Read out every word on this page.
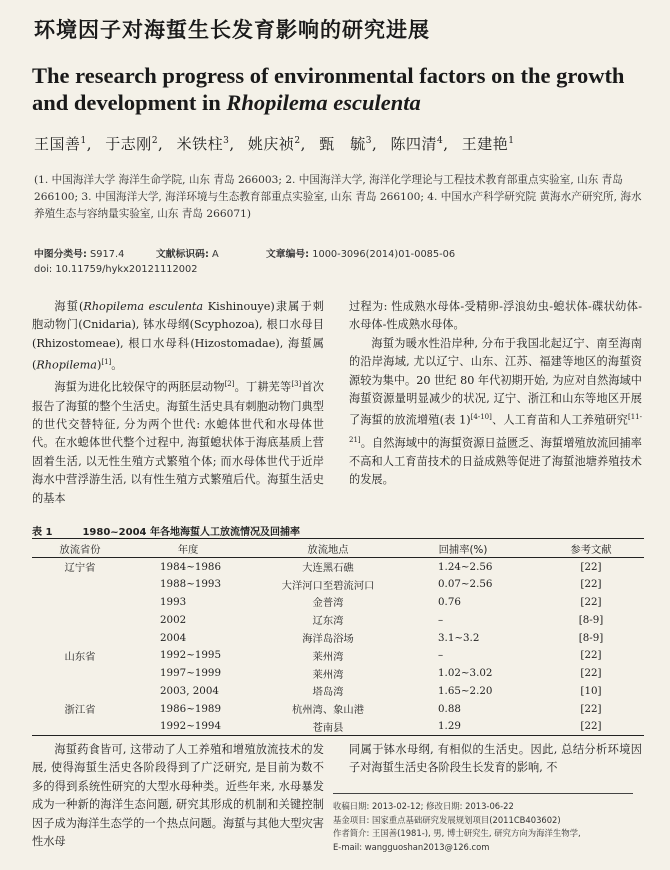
环境因子对海蜇生长发育影响的研究进展
The research progress of environmental factors on the growth and development in Rhopilema esculenta
王国善$^1$, 于志刚$^2$, 米铁柱$^3$, 姚庆祯$^2$, 甄　毓$^3$, 陈四清$^4$, 王建艳$^1$
(1. 中国海洋大学 海洋生命学院, 山东 青岛 266003; 2. 中国海洋大学, 海洋化学理论与工程技术教育部重点实验室, 山东 青岛 266100; 3. 中国海洋大学, 海洋环境与生态教育部重点实验室, 山东 青岛 266100; 4. 中国水产科学研究院 黄海水产研究所, 海水养殖生态与容纳量实验室, 山东 青岛 266071)
中图分类号: S917.4	文献标识码: A	文章编号: 1000-3096(2014)01-0085-06
doi: 10.11759/hykx20121112002

海蜇(Rhopilema esculenta Kishinouye)隶属于刺胞动物门(Cnidaria), 钵水母纲(Scyphozoa), 根口水母目(Rhizostomeae), 根口水母科(Hizostomadae), 海蜇属(Rhopilema)[1]。

海蜇为进化比较保守的两胚层动物[2]。丁耕芜等[3]首次报告了海蜇的整个生活史。海蜇生活史具有刺胞动物门典型的世代交替特征, 分为两个世代: 水螅体世代和水母体世代。在水螅体世代整个过程中, 海蜇螅状体于海底基质上营固着生活, 以无性生殖方式繁殖个体; 而水母体世代于近岸海水中营浮游生活, 以有性生殖方式繁殖后代。海蜇生活史的基本

过程为: 性成熟水母体-受精卵-浮浪幼虫-螅状体-碟状幼体-水母体-性成熟水母体。

海蜇为暖水性沿岸种, 分布于我国北起辽宁、南至海南的沿岸海域, 尤以辽宁、山东、江苏、福建等地区的海蜇资源较为集中。20 世纪 80 年代初期开始, 为应对自然海域中海蜇资源量明显减少的状况, 辽宁、浙江和山东等地区开展了海蜇的放流增殖(表 1)[4-10]、人工育苗和人工养殖研究[11-21]。自然海域中的海蜇资源日益匮乏、海蜇增殖放流回捕率不高和人工育苗技术的日益成熟等促进了海蜇池塘养殖技术的发展。

表 1	1980~2004 年各地海蜇人工放流情况及回捕率
放流省份	年度	放流地点	回捕率(%)	参考文献
辽宁省	1984~1986	大连黑石礁	1.24~2.56	[22]
	1988~1993	大洋河口至碧流河口	0.07~2.56	[22]
	1993	金普湾	0.76	[22]
	2002	辽东湾	–	[8-9]
	2004	海洋岛浴场	3.1~3.2	[8-9]
山东省	1992~1995	莱州湾	–	[22]
	1997~1999	莱州湾	1.02~3.02	[22]
	2003, 2004	塔岛湾	1.65~2.20	[10]
浙江省	1986~1989	杭州湾、象山港	0.88	[22]
	1992~1994	苍南县	1.29	[22]

海蜇药食皆可, 这带动了人工养殖和增殖放流技术的发展, 使得海蜇生活史各阶段得到了广泛研究, 是目前为数不多的得到系统性研究的大型水母种类。近些年来, 水母暴发成为一种新的海洋生态问题, 研究其形成的机制和关键控制因子成为海洋生态学的一个热点问题。海蜇与其他大型灾害性水母

同属于钵水母纲, 有相似的生活史。因此, 总结分析环境因子对海蜇生活史各阶段生长发育的影响, 不

收稿日期: 2013-02-12; 修改日期: 2013-06-22
基金项目: 国家重点基础研究发展规划项目(2011CB403602)
作者简介: 王国善(1981-), 男, 博士研究生, 研究方向为海洋生物学,
E-mail: wangguoshan2013@126.com
